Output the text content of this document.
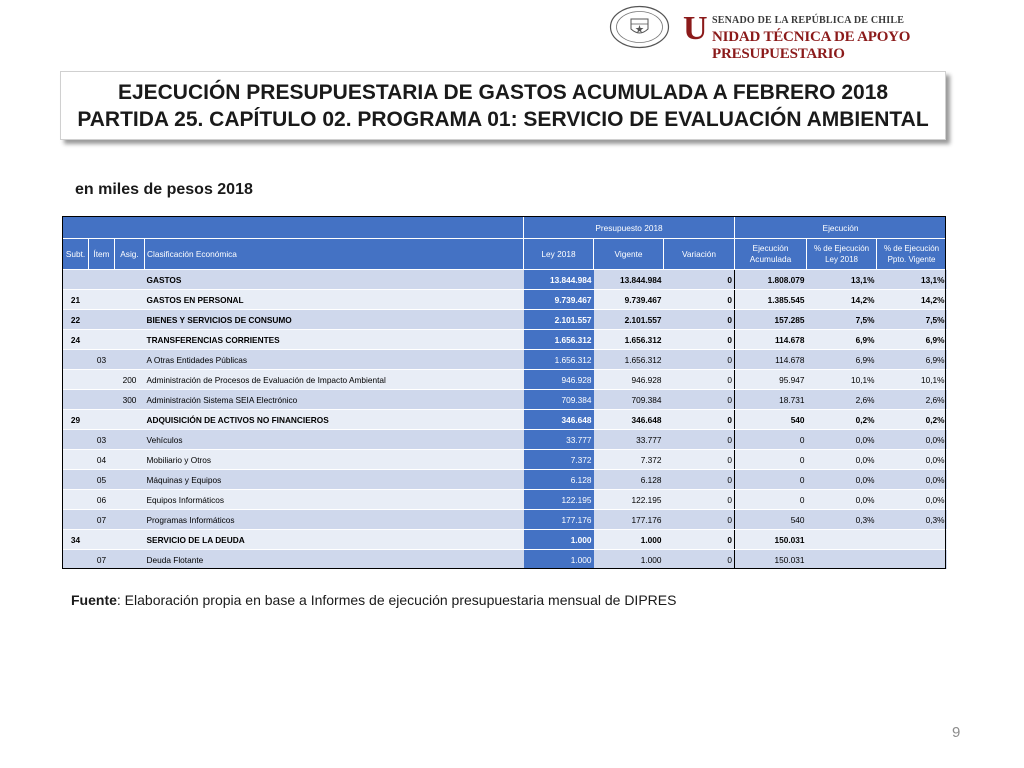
U SENADO DE LA REPÚBLICA DE CHILE
NIDAD TÉCNICA DE APOYO PRESUPUESTARIO
EJECUCIÓN PRESUPUESTARIA DE GASTOS ACUMULADA A FEBRERO 2018
PARTIDA 25. CAPÍTULO 02. PROGRAMA 01: SERVICIO DE EVALUACIÓN AMBIENTAL
en miles de pesos 2018
				Presupuesto 2018			Ejecución		
Subt.	Ítem	Asig.	Clasificación Económica	Ley 2018	Vigente	Variación	Ejecución Acumulada	% de Ejecución Ley 2018	% de Ejecución Ppto. Vigente
			GASTOS	13.844.984	13.844.984	0	1.808.079	13,1%	13,1%
21			GASTOS EN PERSONAL	9.739.467	9.739.467	0	1.385.545	14,2%	14,2%
22			BIENES Y SERVICIOS DE CONSUMO	2.101.557	2.101.557	0	157.285	7,5%	7,5%
24			TRANSFERENCIAS CORRIENTES	1.656.312	1.656.312	0	114.678	6,9%	6,9%
	03		A Otras Entidades Públicas	1.656.312	1.656.312	0	114.678	6,9%	6,9%
		200	Administración de Procesos de Evaluación de Impacto Ambiental	946.928	946.928	0	95.947	10,1%	10,1%
		300	Administración Sistema SEIA Electrónico	709.384	709.384	0	18.731	2,6%	2,6%
29			ADQUISICIÓN DE ACTIVOS NO FINANCIEROS	346.648	346.648	0	540	0,2%	0,2%
	03		Vehículos	33.777	33.777	0	0	0,0%	0,0%
	04		Mobiliario y Otros	7.372	7.372	0	0	0,0%	0,0%
	05		Máquinas y Equipos	6.128	6.128	0	0	0,0%	0,0%
	06		Equipos Informáticos	122.195	122.195	0	0	0,0%	0,0%
	07		Programas Informáticos	177.176	177.176	0	540	0,3%	0,3%
34			SERVICIO DE LA DEUDA	1.000	1.000	0	150.031		
	07		Deuda Flotante	1.000	1.000	0	150.031		
Fuente: Elaboración propia en base a Informes de ejecución presupuestaria mensual de DIPRES
9
